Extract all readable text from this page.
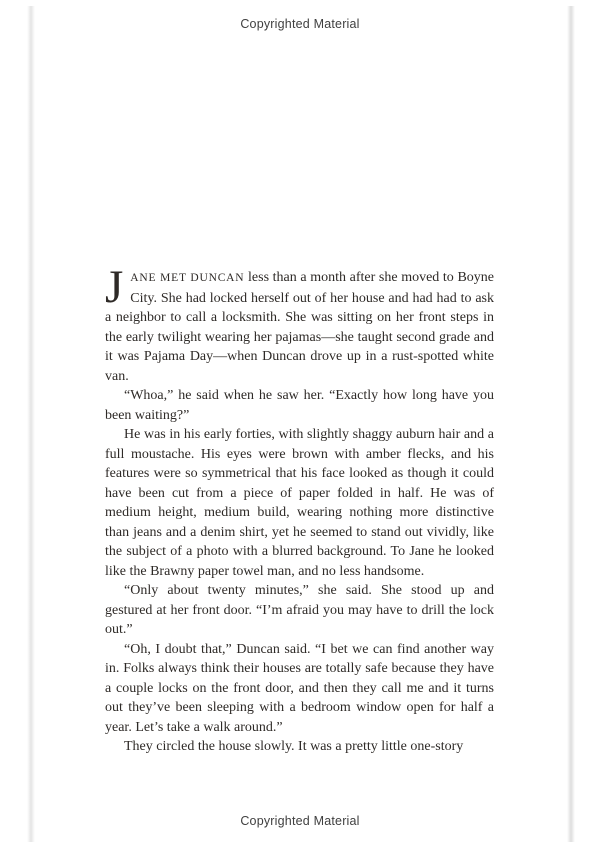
Copyrighted Material

JANE MET DUNCAN less than a month after she moved to Boyne City. She had locked herself out of her house and had had to ask a neighbor to call a locksmith. She was sitting on her front steps in the early twilight wearing her pajamas—she taught second grade and it was Pajama Day—when Duncan drove up in a rust-spotted white van.

“Whoa,” he said when he saw her. “Exactly how long have you been waiting?”

He was in his early forties, with slightly shaggy auburn hair and a full moustache. His eyes were brown with amber flecks, and his features were so symmetrical that his face looked as though it could have been cut from a piece of paper folded in half. He was of medium height, medium build, wearing nothing more distinctive than jeans and a denim shirt, yet he seemed to stand out vividly, like the subject of a photo with a blurred background. To Jane he looked like the Brawny paper towel man, and no less handsome.

“Only about twenty minutes,” she said. She stood up and gestured at her front door. “I’m afraid you may have to drill the lock out.”

“Oh, I doubt that,” Duncan said. “I bet we can find another way in. Folks always think their houses are totally safe because they have a couple locks on the front door, and then they call me and it turns out they’ve been sleeping with a bedroom window open for half a year. Let’s take a walk around.”

They circled the house slowly. It was a pretty little one-story

Copyrighted Material
